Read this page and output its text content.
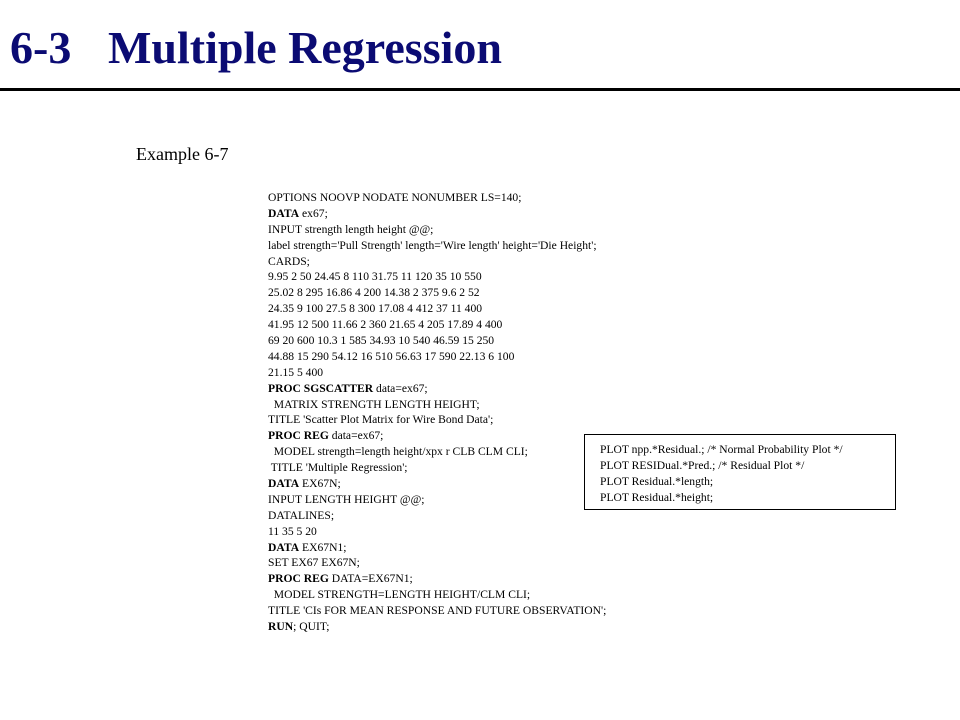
6-3 Multiple Regression
Example 6-7
OPTIONS NOOVP NODATE NONUMBER LS=140;
DATA ex67;
INPUT strength length height @@;
label strength='Pull Strength' length='Wire length' height='Die Height';
CARDS;
9.95 2 50 24.45 8 110 31.75 11 120 35 10 550
25.02 8 295 16.86 4 200 14.38 2 375 9.6 2 52
24.35 9 100 27.5 8 300 17.08 4 412 37 11 400
41.95 12 500 11.66 2 360 21.65 4 205 17.89 4 400
69 20 600 10.3 1 585 34.93 10 540 46.59 15 250
44.88 15 290 54.12 16 510 56.63 17 590 22.13 6 100
21.15 5 400
PROC SGSCATTER data=ex67;
MATRIX STRENGTH LENGTH HEIGHT;
TITLE 'Scatter Plot Matrix for Wire Bond Data';
PROC REG data=ex67;
MODEL strength=length height/xpx r CLB CLM CLI;
TITLE 'Multiple Regression';
DATA EX67N;
INPUT LENGTH HEIGHT @@;
DATALINES;
11 35 5 20
DATA EX67N1;
SET EX67 EX67N;
PROC REG DATA=EX67N1;
MODEL STRENGTH=LENGTH HEIGHT/CLM CLI;
TITLE 'CIs FOR MEAN RESPONSE AND FUTURE OBSERVATION';
RUN; QUIT;
PLOT npp.*Residual.; /* Normal Probability Plot */
PLOT RESIDual.*Pred.; /* Residual Plot */
PLOT Residual.*length;
PLOT Residual.*height;
